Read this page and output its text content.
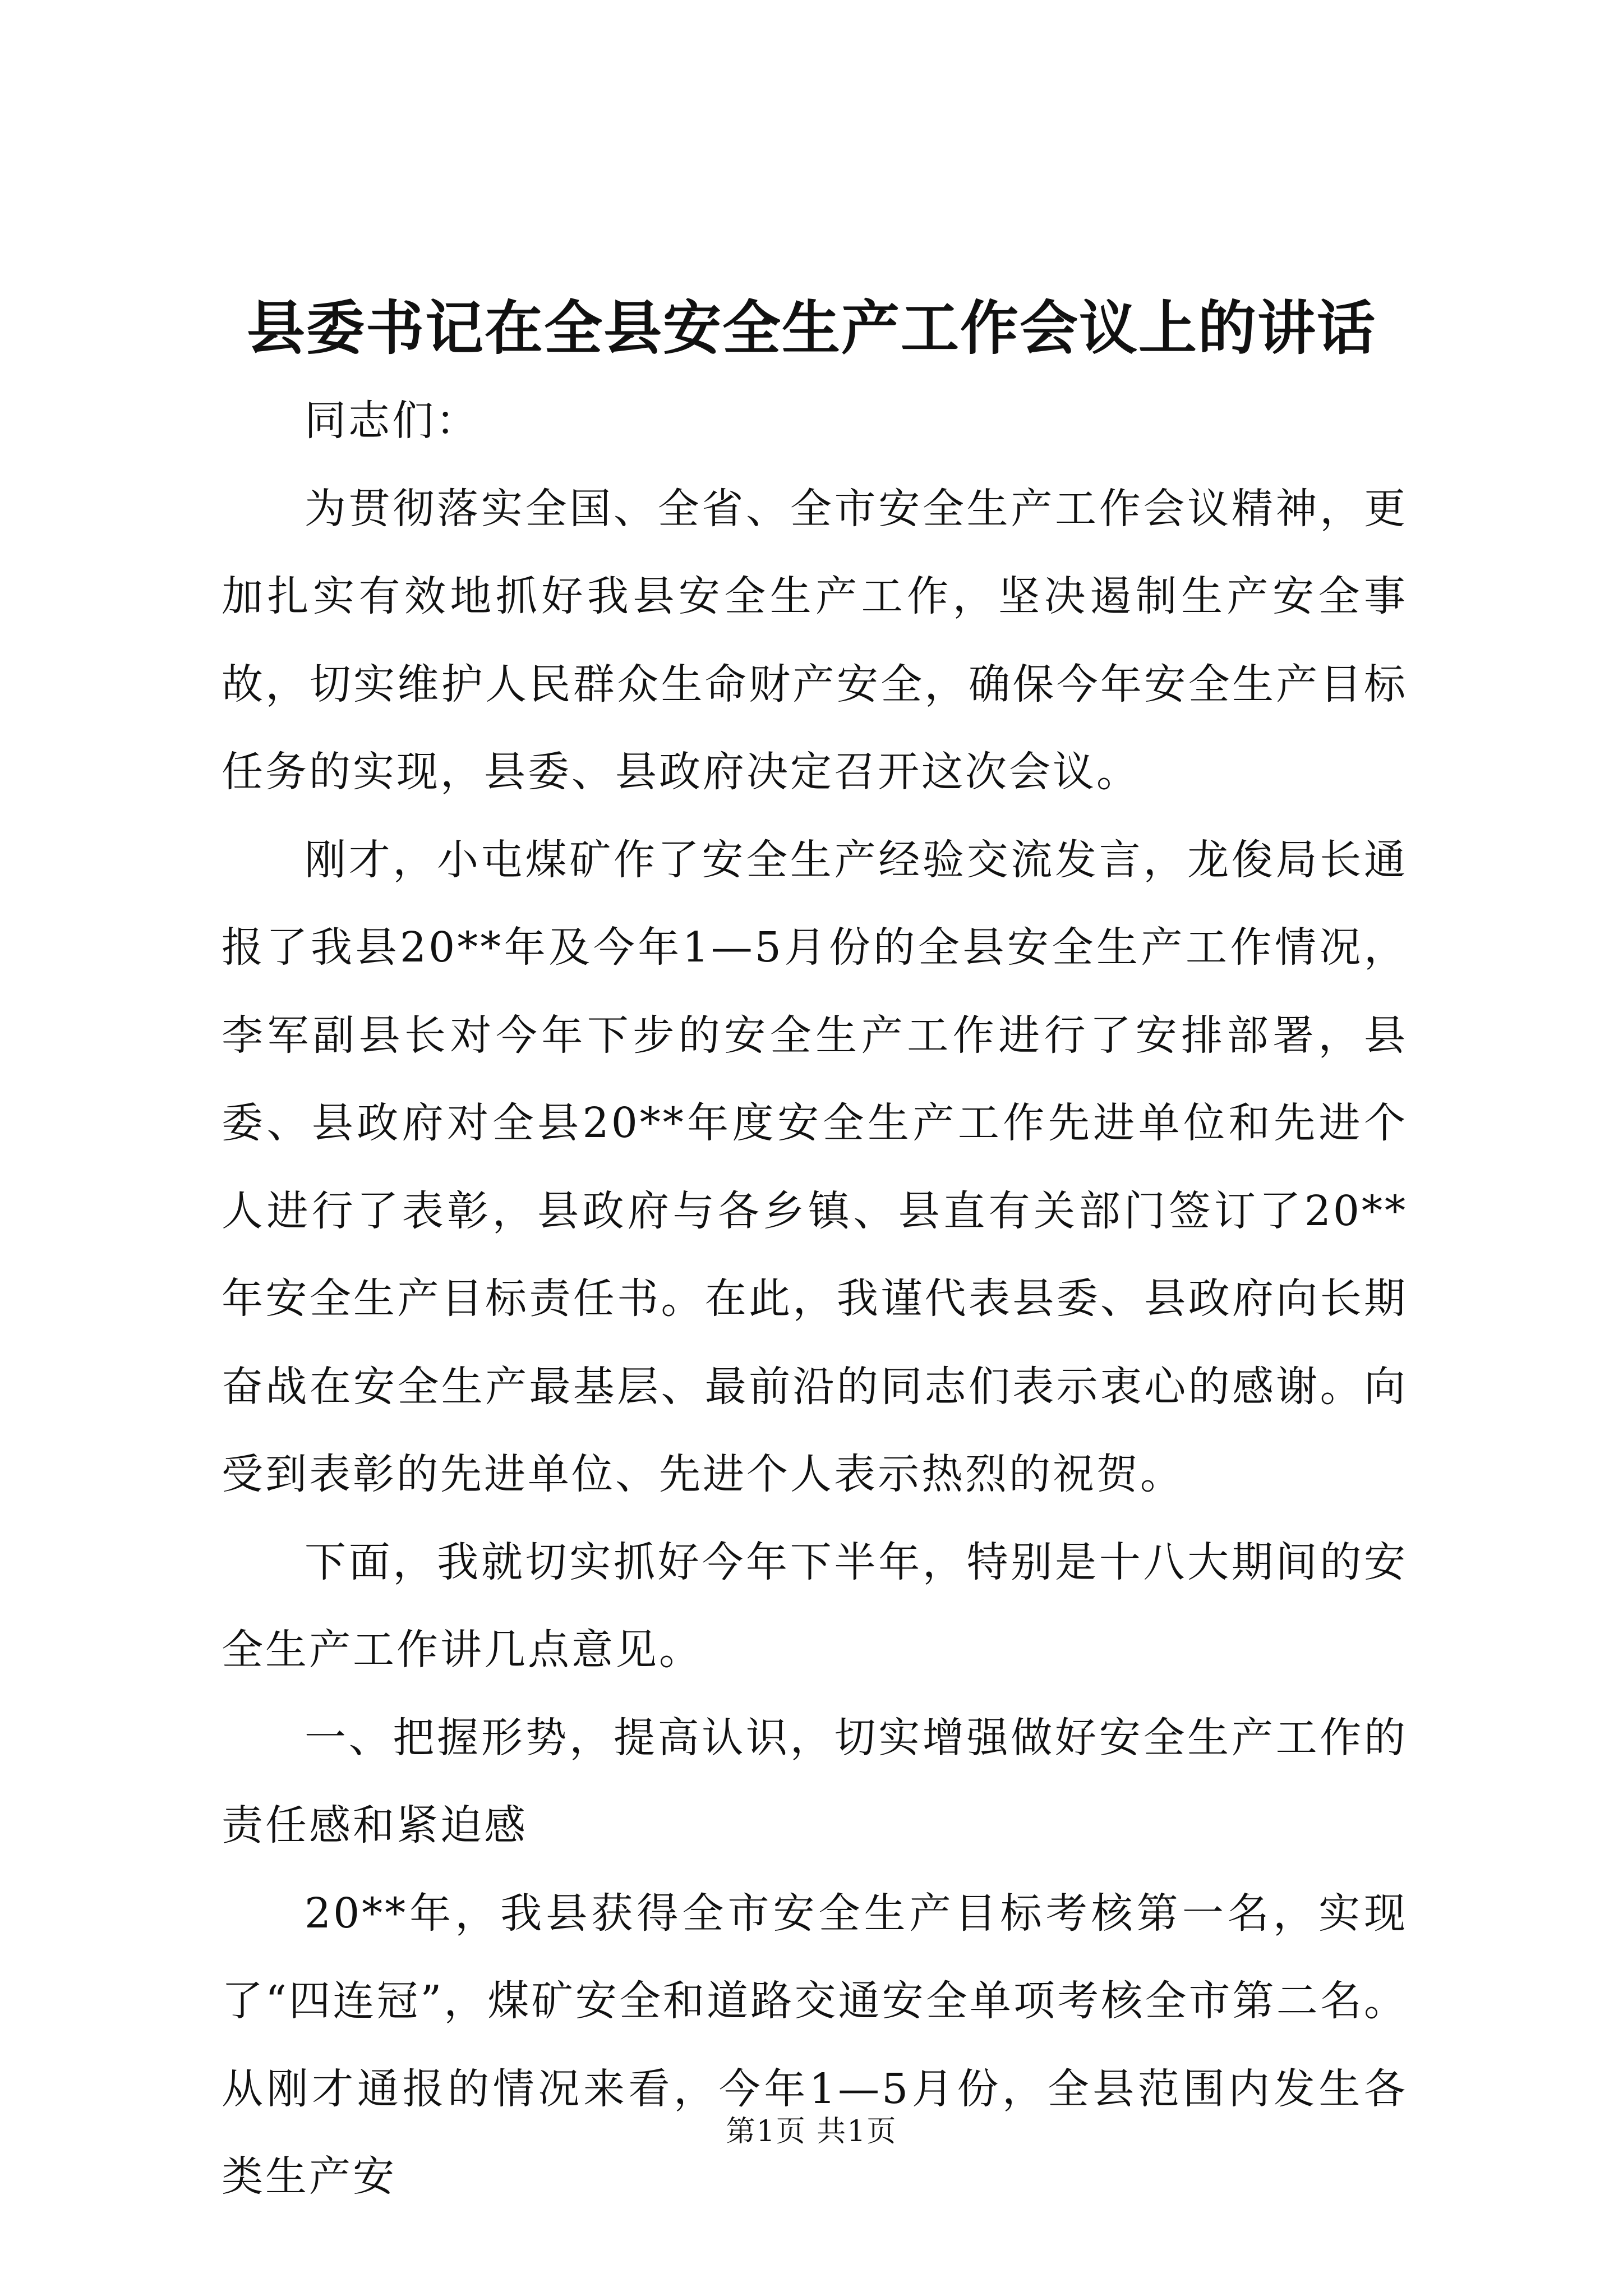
县委书记在全县安全生产工作会议上的讲话

同志们：

为贯彻落实全国、全省、全市安全生产工作会议精神，更加扎实有效地抓好我县安全生产工作，坚决遏制生产安全事故，切实维护人民群众生命财产安全，确保今年安全生产目标任务的实现，县委、县政府决定召开这次会议。

刚才，小屯煤矿作了安全生产经验交流发言，龙俊局长通报了我县20**年及今年1—5月份的全县安全生产工作情况，李军副县长对今年下步的安全生产工作进行了安排部署，县委、县政府对全县20**年度安全生产工作先进单位和先进个人进行了表彰，县政府与各乡镇、县直有关部门签订了20**年安全生产目标责任书。在此，我谨代表县委、县政府向长期奋战在安全生产最基层、最前沿的同志们表示衷心的感谢。向受到表彰的先进单位、先进个人表示热烈的祝贺。

下面，我就切实抓好今年下半年，特别是十八大期间的安全生产工作讲几点意见。

一、把握形势，提高认识，切实增强做好安全生产工作的责任感和紧迫感

20**年，我县获得全市安全生产目标考核第一名，实现了“四连冠”，煤矿安全和道路交通安全单项考核全市第二名。从刚才通报的情况来看，今年1—5月份，全县范围内发生各类生产安

第1页 共1页
